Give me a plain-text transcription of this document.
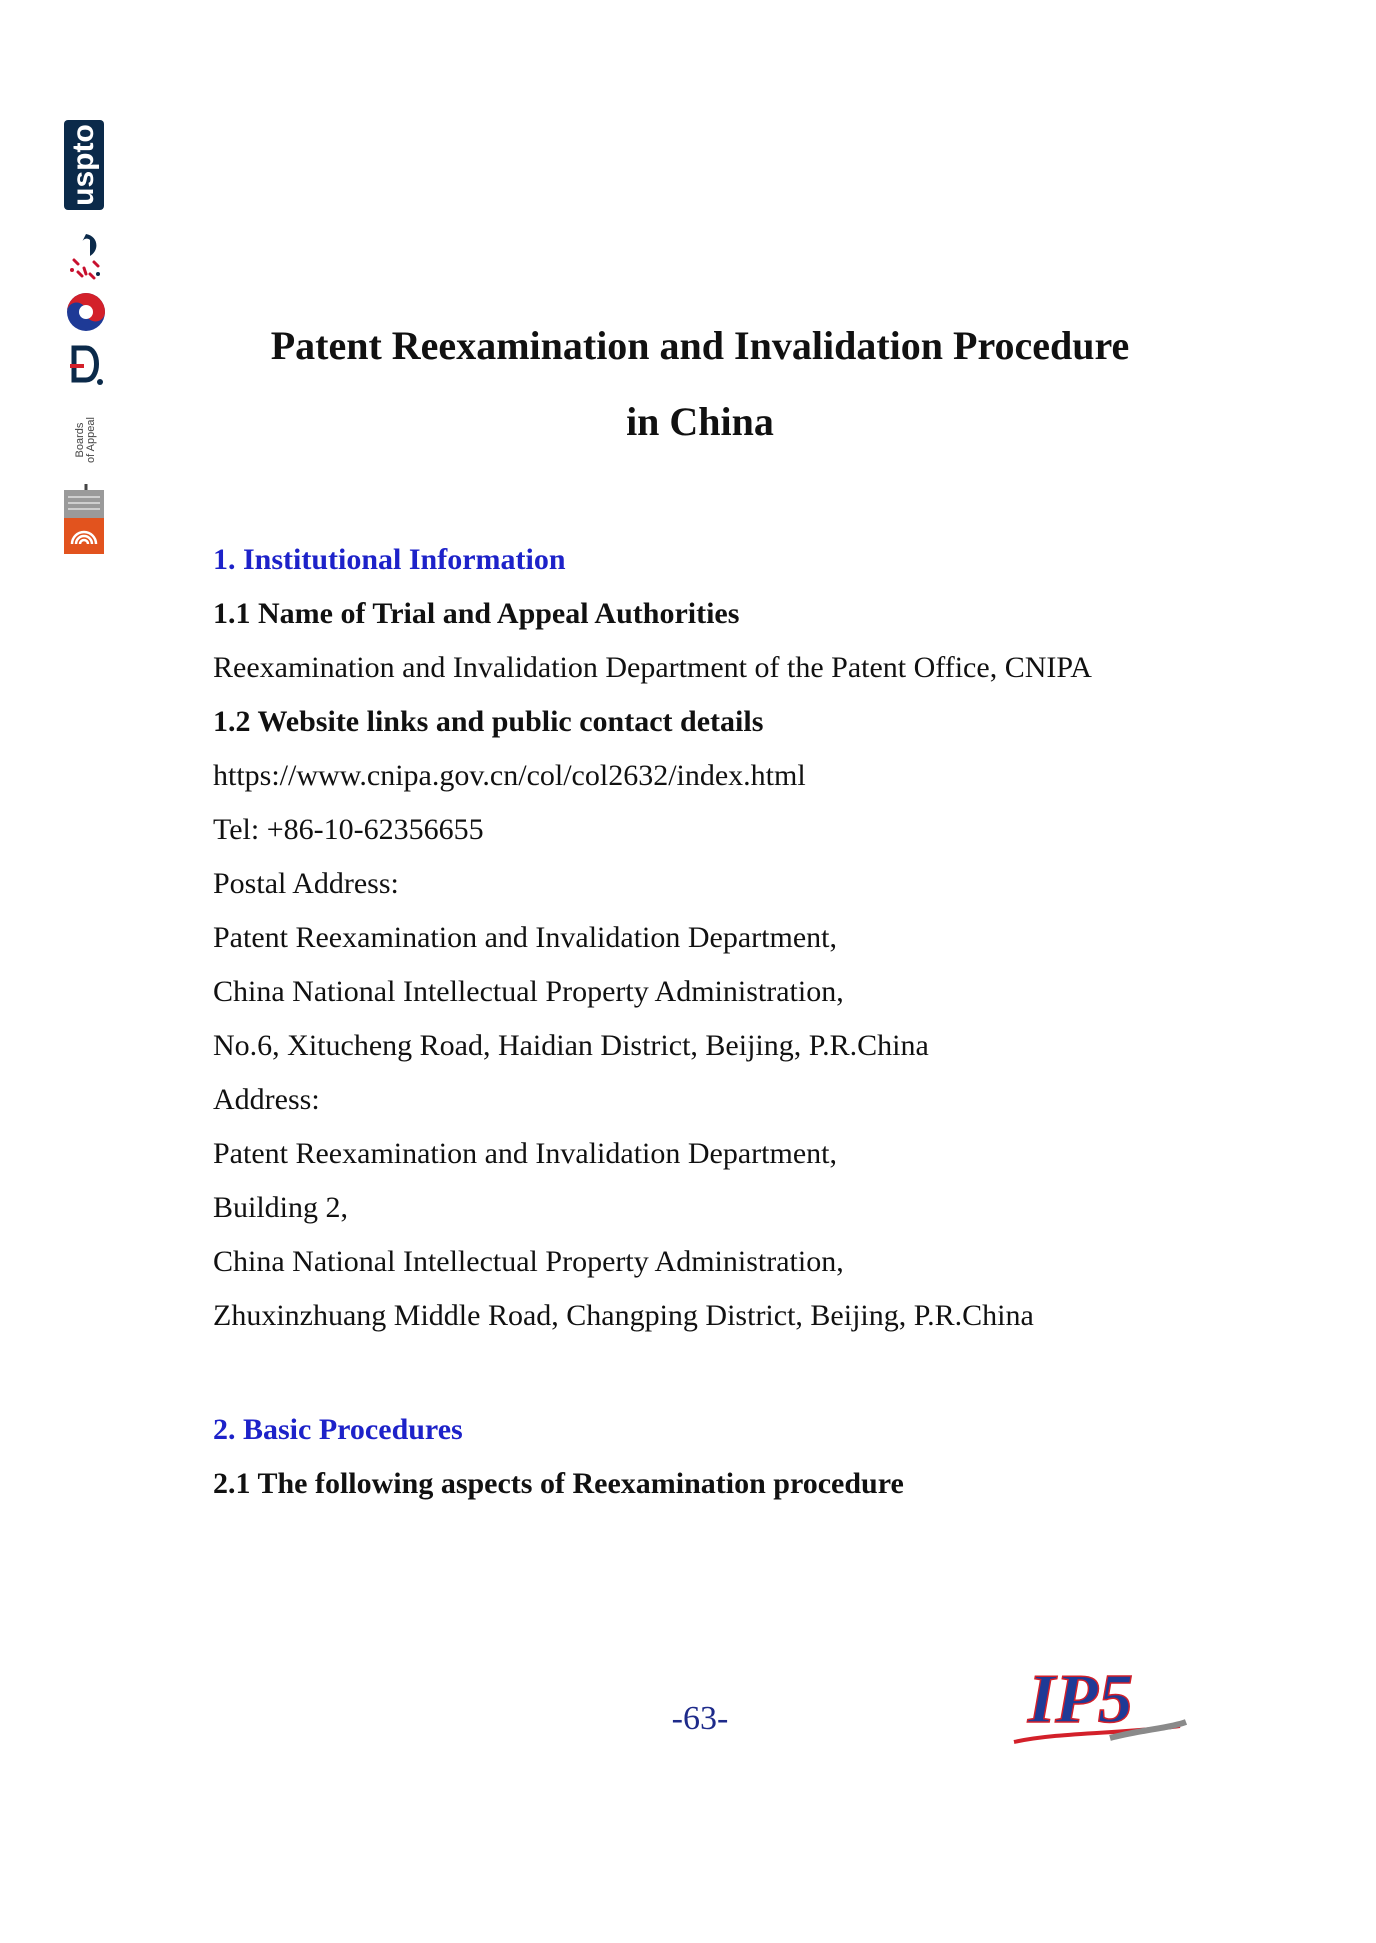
uspto
Boards of Appeal
Patent Reexamination and Invalidation Procedure
in China

1. Institutional Information

1.1 Name of Trial and Appeal Authorities

Reexamination and Invalidation Department of the Patent Office, CNIPA

1.2 Website links and public contact details

https://www.cnipa.gov.cn/col/col2632/index.html

Tel: +86-10-62356655

Postal Address:

Patent Reexamination and Invalidation Department,

China National Intellectual Property Administration,

No.6, Xitucheng Road, Haidian District, Beijing, P.R.China

Address:

Patent Reexamination and Invalidation Department,

Building 2,

China National Intellectual Property Administration,

Zhuxinzhuang Middle Road, Changping District, Beijing, P.R.China

2. Basic Procedures

2.1 The following aspects of Reexamination procedure

-63-	IP5
